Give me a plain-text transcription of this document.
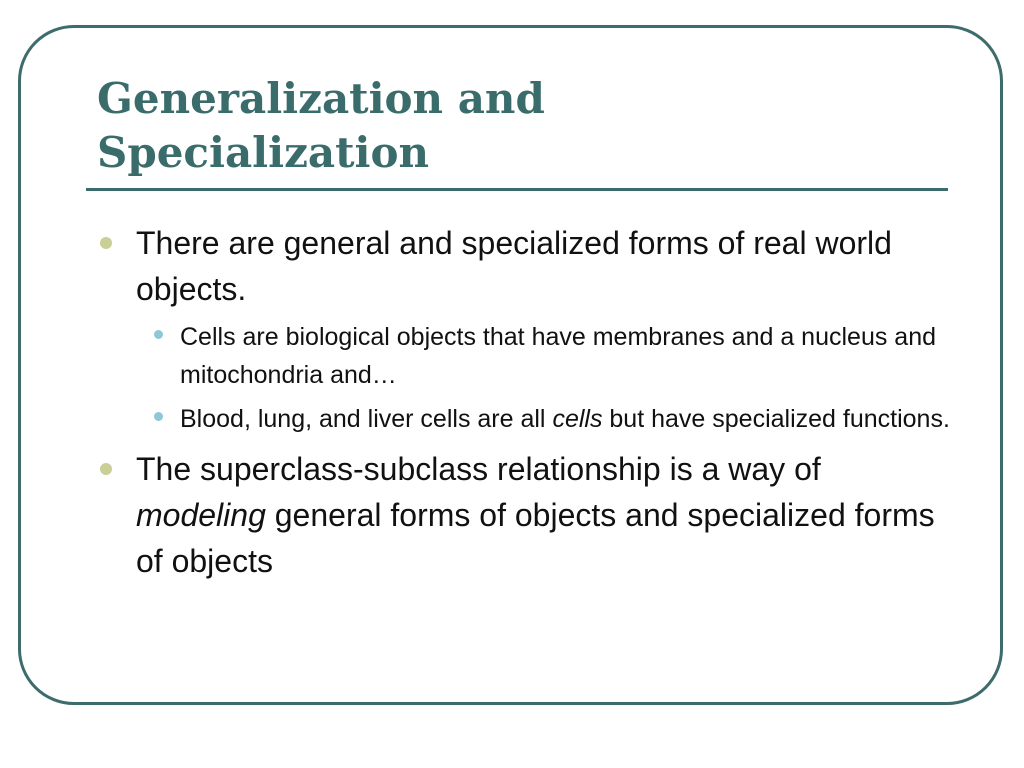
Generalization and
Specialization
There are general and specialized forms of real world objects.
Cells are biological objects that have membranes and a nucleus and mitochondria and…
Blood, lung, and liver cells are all cells but have specialized functions.
The superclass-subclass relationship is a way of modeling general forms of objects and specialized forms of objects
